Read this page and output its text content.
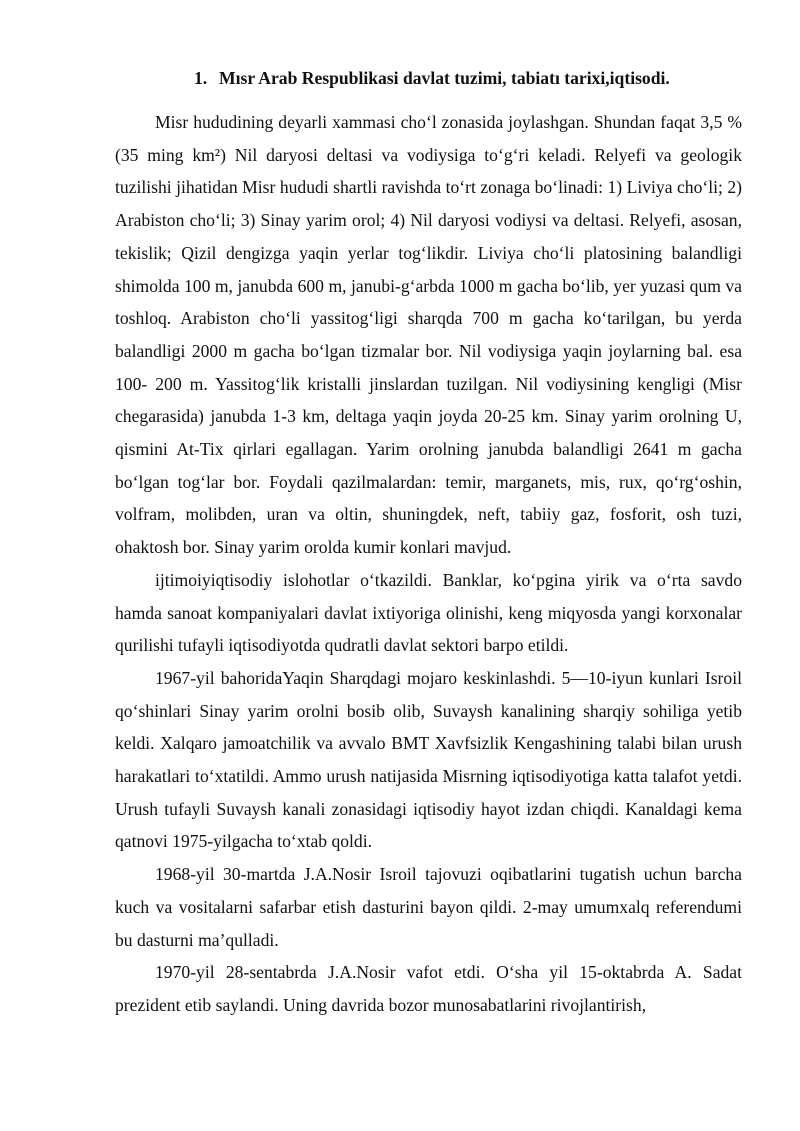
1. Mısr Arab Respublikasi davlat tuzimi, tabiatı tarixi,iqtisodi.

Misr hududining deyarli xammasi cho‘l zonasida joylashgan. Shundan faqat 3,5 % (35 ming km²) Nil daryosi deltasi va vodiysiga to‘g‘ri keladi. Relyefi va geologik tuzilishi jihatidan Misr hududi shartli ravishda to‘rt zonaga bo‘linadi: 1) Liviya cho‘li; 2) Arabiston cho‘li; 3) Sinay yarim orol; 4) Nil daryosi vodiysi va deltasi. Relyefi, asosan, tekislik; Qizil dengizga yaqin yerlar tog‘likdir. Liviya cho‘li platosining balandligi shimolda 100 m, janubda 600 m, janubi-g‘arbda 1000 m gacha bo‘lib, yer yuzasi qum va toshloq. Arabiston cho‘li yassitog‘ligi sharqda 700 m gacha ko‘tarilgan, bu yerda balandligi 2000 m gacha bo‘lgan tizmalar bor. Nil vodiysiga yaqin joylarning bal. esa 100- 200 m. Yassitog‘lik kristalli jinslardan tuzilgan. Nil vodiysining kengligi (Misr chegarasida) janubda 1-3 km, deltaga yaqin joyda 20-25 km. Sinay yarim orolning U, qismini At-Tix qirlari egallagan. Yarim orolning janubda balandligi 2641 m gacha bo‘lgan tog‘lar bor. Foydali qazilmalardan: temir, marganets, mis, rux, qo‘rg‘oshin, volfram, molibden, uran va oltin, shuningdek, neft, tabiiy gaz, fosforit, osh tuzi, ohaktosh bor. Sinay yarim orolda kumir konlari mavjud.

ijtimoiyiqtisodiy islohotlar o‘tkazildi. Banklar, ko‘pgina yirik va o‘rta savdo hamda sanoat kompaniyalari davlat ixtiyoriga olinishi, keng miqyosda yangi korxonalar qurilishi tufayli iqtisodiyotda qudratli davlat sektori barpo etildi.

1967-yil bahoridaYaqin Sharqdagi mojaro keskinlashdi. 5—10-iyun kunlari Isroil qo‘shinlari Sinay yarim orolni bosib olib, Suvaysh kanalining sharqiy sohiliga yetib keldi. Xalqaro jamoatchilik va avvalo BMT Xavfsizlik Kengashining talabi bilan urush harakatlari to‘xtatildi. Ammo urush natijasida Misrning iqtisodiyotiga katta talafot yetdi. Urush tufayli Suvaysh kanali zonasidagi iqtisodiy hayot izdan chiqdi. Kanaldagi kema qatnovi 1975-yilgacha to‘xtab qoldi.

1968-yil 30-martda J.A.Nosir Isroil tajovuzi oqibatlarini tugatish uchun barcha kuch va vositalarni safarbar etish dasturini bayon qildi. 2-may umumxalq referendumi bu dasturni ma’qulladi.

1970-yil 28-sentabrda J.A.Nosir vafot etdi. O‘sha yil 15-oktabrda A. Sadat prezident etib saylandi. Uning davrida bozor munosabatlarini rivojlantirish,
